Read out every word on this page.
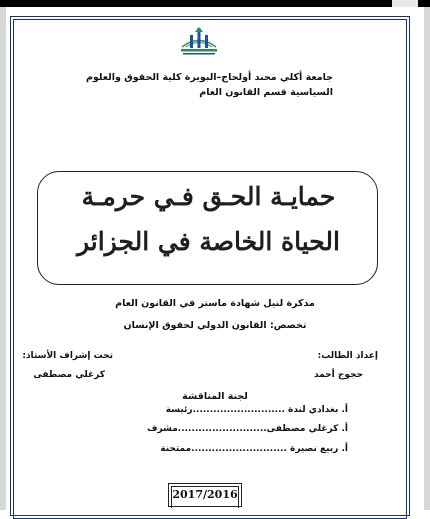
جامعة أكلي محند أولحاج–البويرة كلية الحقوق والعلوم
السياسية قسم القانون العام
حمايـة الحـق فـي حرمـة
الحياة الخاصة في الجزائر
مذكرة لنيل شهادة ماستر في القانون العام
تخصص: القانون الدولي لحقوق الإنسان
إعداد الطالب:
حجوج أحمد
تحت إشراف الأستاذ:
كرغلي مصطفى
لجنة المناقشة
أ. بغدادي لندة ...........................رئيسة
أ. كرغلي مصطفى..........................مشرف
أ. ربيع نصيرة ............................ممتحنة
2017/2016
